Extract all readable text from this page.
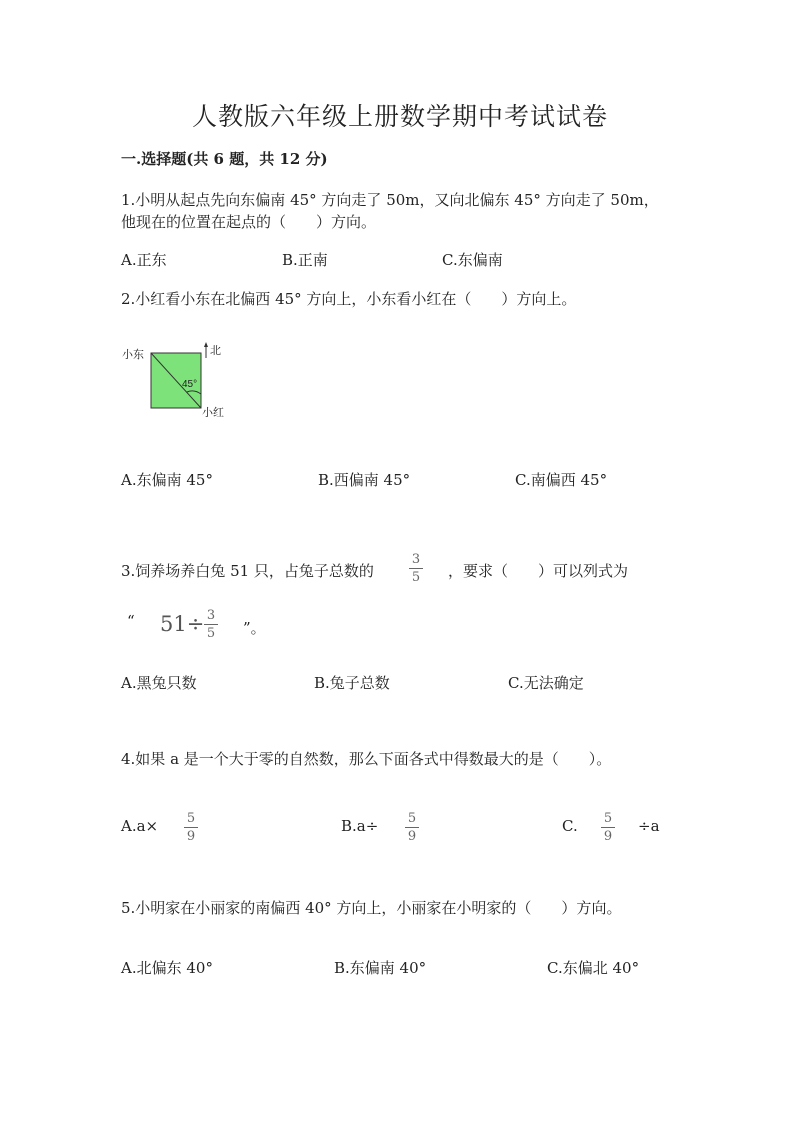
人教版六年级上册数学期中考试试卷
一.选择题(共 6 题，共 12 分)
1.小明从起点先向东偏南 45° 方向走了 50m，又向北偏东 45° 方向走了 50m，
他现在的位置在起点的（　　）方向。
A.正东	B.正南	C.东偏南
2.小红看小东在北偏西 45° 方向上，小东看小红在（　　）方向上。
小东	北
45°
小红
A.东偏南 45°	B.西偏南 45°	C.南偏西 45°
3.饲养场养白兔 51 只，占兔子总数的
3
5 ，要求（　　）可以列式为
“ 51÷ 3
5 ”。
A.黑兔只数	B.兔子总数	C.无法确定
4.如果 a 是一个大于零的自然数，那么下面各式中得数最大的是（　　）。
A.a× 5
9
B.a÷ 5
9
C. 5
9
÷a
5.小明家在小丽家的南偏西 40° 方向上，小丽家在小明家的（　　）方向。
A.北偏东 40°	B.东偏南 40°	C.东偏北 40°
